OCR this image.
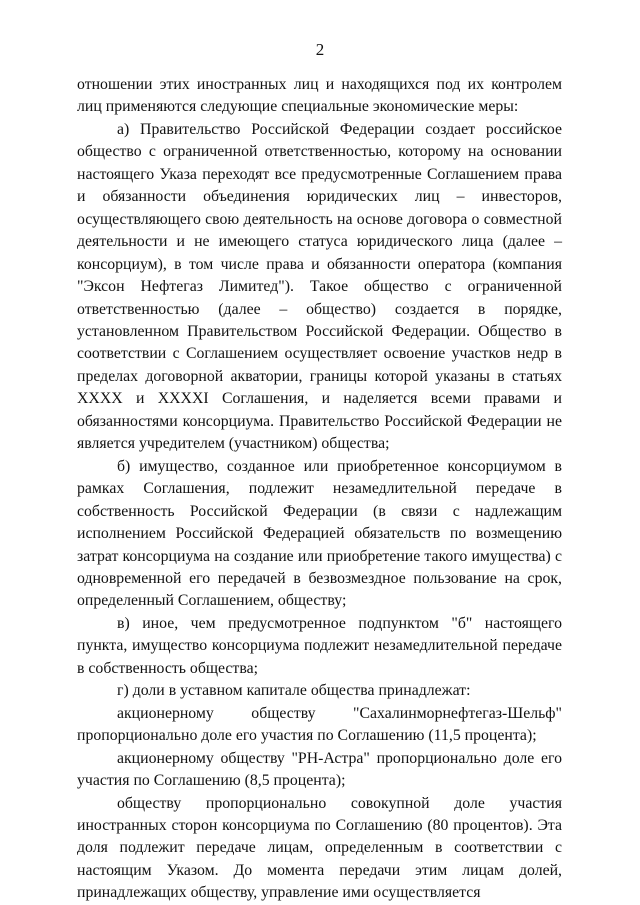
2

отношении этих иностранных лиц и находящихся под их контролем лиц применяются следующие специальные экономические меры:

а) Правительство Российской Федерации создает российское общество с ограниченной ответственностью, которому на основании настоящего Указа переходят все предусмотренные Соглашением права и обязанности объединения юридических лиц – инвесторов, осуществляющего свою деятельность на основе договора о совместной деятельности и не имеющего статуса юридического лица (далее – консорциум), в том числе права и обязанности оператора (компания "Эксон Нефтегаз Лимитед"). Такое общество с ограниченной ответственностью (далее – общество) создается в порядке, установленном Правительством Российской Федерации. Общество в соответствии с Соглашением осуществляет освоение участков недр в пределах договорной акватории, границы которой указаны в статьях XXXX и XXXXI Соглашения, и наделяется всеми правами и обязанностями консорциума. Правительство Российской Федерации не является учредителем (участником) общества;

б) имущество, созданное или приобретенное консорциумом в рамках Соглашения, подлежит незамедлительной передаче в собственность Российской Федерации (в связи с надлежащим исполнением Российской Федерацией обязательств по возмещению затрат консорциума на создание или приобретение такого имущества) с одновременной его передачей в безвозмездное пользование на срок, определенный Соглашением, обществу;

в) иное, чем предусмотренное подпунктом "б" настоящего пункта, имущество консорциума подлежит незамедлительной передаче в собственность общества;

г) доли в уставном капитале общества принадлежат:

акционерному обществу "Сахалинморнефтегаз-Шельф" пропорционально доле его участия по Соглашению (11,5 процента);

акционерному обществу "РН-Астра" пропорционально доле его участия по Соглашению (8,5 процента);

обществу пропорционально совокупной доле участия иностранных сторон консорциума по Соглашению (80 процентов). Эта доля подлежит передаче лицам, определенным в соответствии с настоящим Указом. До момента передачи этим лицам долей, принадлежащих обществу, управление ими осуществляется
